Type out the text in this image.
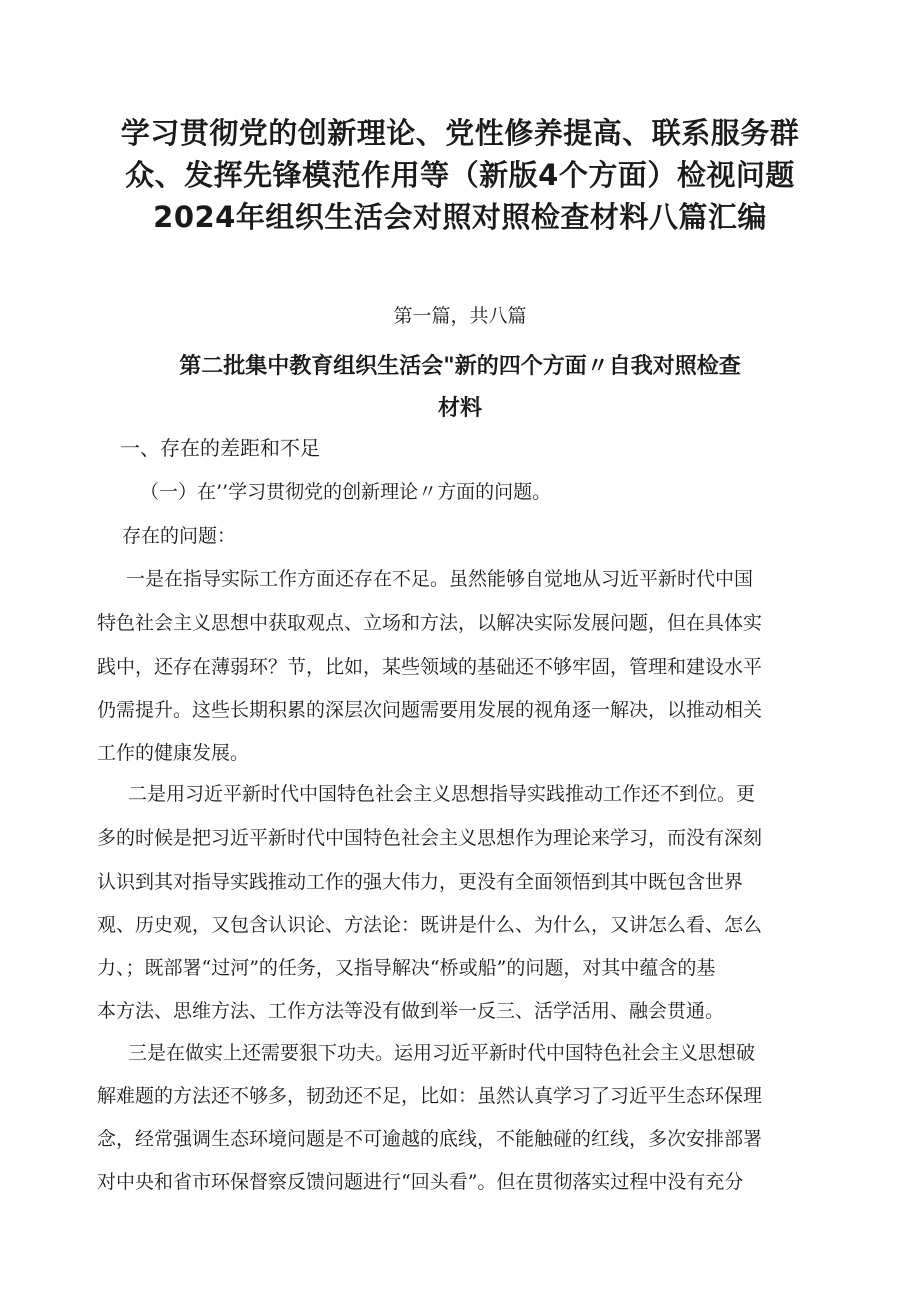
学习贯彻党的创新理论、党性修养提高、联系服务群
众、发挥先锋模范作用等（新版4个方面）检视问题
2024年组织生活会对照对照检查材料八篇汇编
第一篇，共八篇
第二批集中教育组织生活会"新的四个方面〃自我对照检查
材料
一、存在的差距和不足
（一）在’’学习贯彻党的创新理论〃方面的问题。
存在的问题：
一是在指导实际工作方面还存在不足。虽然能够自觉地从习近平新时代中国
特色社会主义思想中获取观点、立场和方法，以解决实际发展问题，但在具体实
践中，还存在薄弱环？节，比如，某些领域的基础还不够牢固，管理和建设水平
仍需提升。这些长期积累的深层次问题需要用发展的视角逐一解决，以推动相关
工作的健康发展。
二是用习近平新时代中国特色社会主义思想指导实践推动工作还不到位。更
多的时候是把习近平新时代中国特色社会主义思想作为理论来学习，而没有深刻
认识到其对指导实践推动工作的强大伟力，更没有全面领悟到其中既包含世界
观、历史观，又包含认识论、方法论：既讲是什么、为什么，又讲怎么看、怎么
力、；既部署“过河”的任务，又指导解决“桥或船”的问题，对其中蕴含的基
本方法、思维方法、工作方法等没有做到举一反三、活学活用、融会贯通。
三是在做实上还需要狠下功夫。运用习近平新时代中国特色社会主义思想破
解难题的方法还不够多，韧劲还不足，比如：虽然认真学习了习近平生态环保理
念，经常强调生态环境问题是不可逾越的底线，不能触碰的红线，多次安排部署
对中央和省市环保督察反馈问题进行“回头看”。但在贯彻落实过程中没有充分
